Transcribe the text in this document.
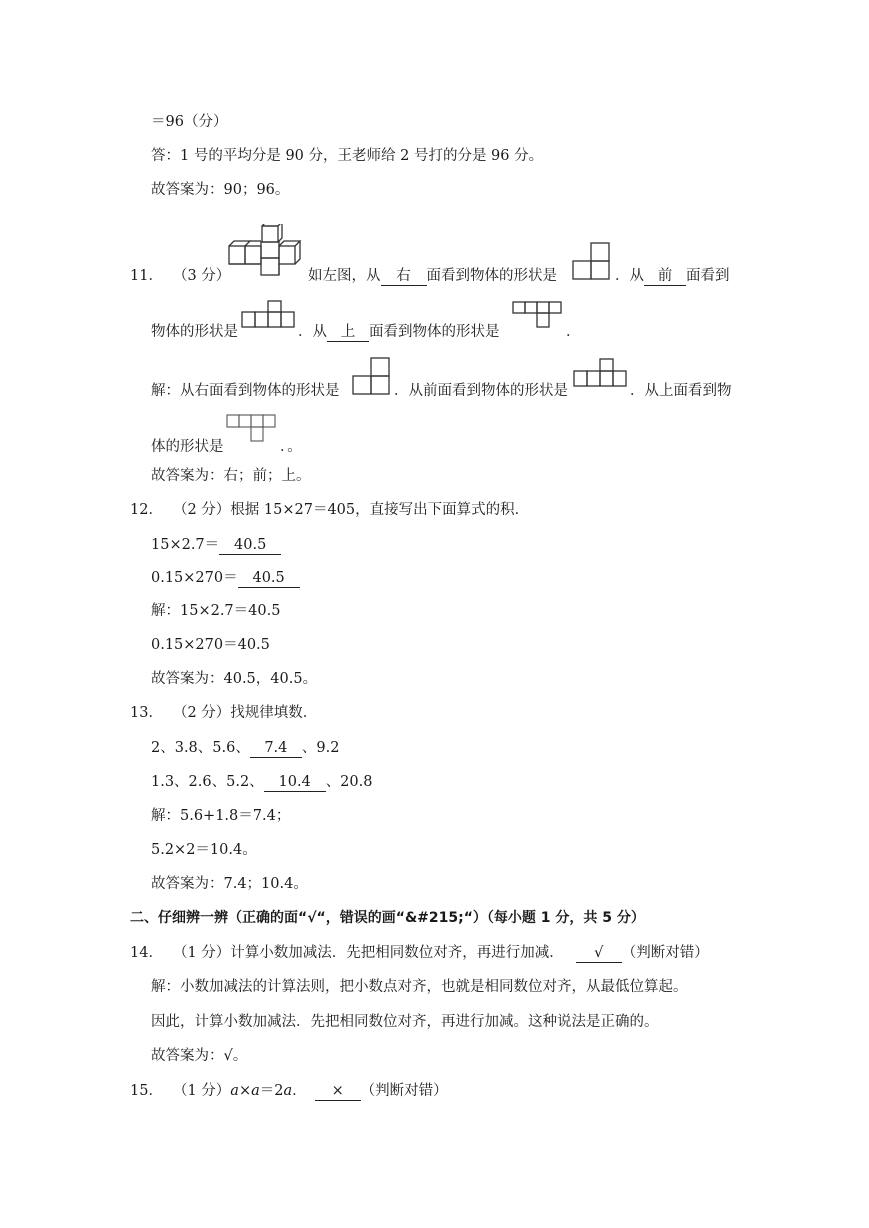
＝96（分）
答：1 号的平均分是 90 分，王老师给 2 号打的分是 96 分。
故答案为：90；96。
11． （3 分）	如左图，从 右 面看到物体的形状是	．从 前 面看到
物体的形状是	．从 上 面看到物体的形状是	．
解：从右面看到物体的形状是	．从前面看到物体的形状是	．从上面看到物
体的形状是	．。
故答案为：右；前；上。
12． （2 分）根据 15×27＝405，直接写出下面算式的积．
15×2.7＝ 40.5
0.15×270＝ 40.5
解：15×2.7＝40.5
0.15×270＝40.5
故答案为：40.5，40.5。
13． （2 分）找规律填数．
2、3.8、5.6、 7.4 、9.2
1.3、2.6、5.2、 10.4 、20.8
解：5.6+1.8＝7.4；
5.2×2＝10.4。
故答案为：7.4；10.4。
二、仔细辨一辨（正确的面“√“，错误的画“&#215;“）（每小题 1 分，共 5 分）
14． （1 分）计算小数加减法．先把相同数位对齐，再进行加减． √ （判断对错）
解：小数加减法的计算法则，把小数点对齐，也就是相同数位对齐，从最低位算起。
因此，计算小数加减法．先把相同数位对齐，再进行加减。这种说法是正确的。
故答案为：√。
15． （1 分）a×a＝2a． × （判断对错）
